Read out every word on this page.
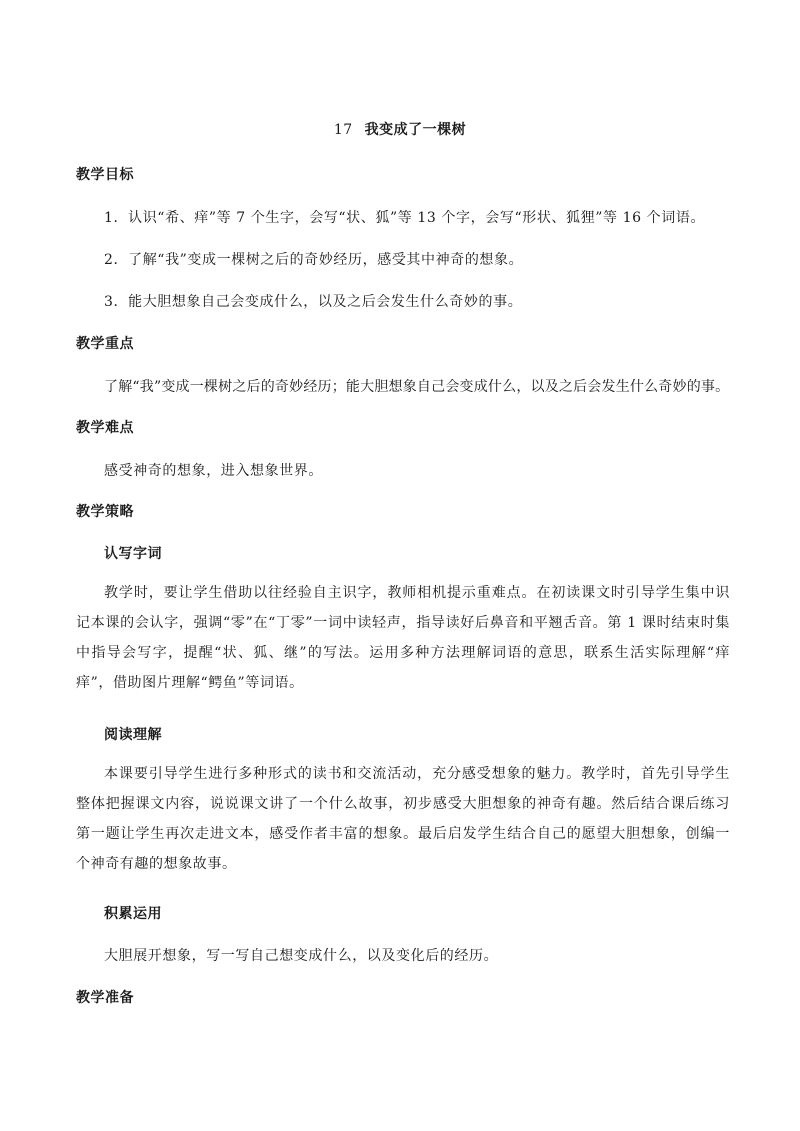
17 我变成了一棵树
教学目标
1．认识“希、痒”等 7 个生字，会写“状、狐”等 13 个字，会写“形状、狐狸”等 16 个词语。
2．了解“我”变成一棵树之后的奇妙经历，感受其中神奇的想象。
3．能大胆想象自己会变成什么，以及之后会发生什么奇妙的事。
教学重点
了解“我”变成一棵树之后的奇妙经历；能大胆想象自己会变成什么，以及之后会发生什么奇妙的事。
教学难点
感受神奇的想象，进入想象世界。
教学策略
认写字词
教学时，要让学生借助以往经验自主识字，教师相机提示重难点。在初读课文时引导学生集中识记本课的会认字，强调“零”在“丁零”一词中读轻声，指导读好后鼻音和平翘舌音。第 1 课时结束时集中指导会写字，提醒“状、狐、继”的写法。运用多种方法理解词语的意思，联系生活实际理解“痒痒”，借助图片理解“鳄鱼”等词语。
阅读理解
本课要引导学生进行多种形式的读书和交流活动，充分感受想象的魅力。教学时，首先引导学生整体把握课文内容，说说课文讲了一个什么故事，初步感受大胆想象的神奇有趣。然后结合课后练习第一题让学生再次走进文本，感受作者丰富的想象。最后启发学生结合自己的愿望大胆想象，创编一个神奇有趣的想象故事。
积累运用
大胆展开想象，写一写自己想变成什么，以及变化后的经历。
教学准备
